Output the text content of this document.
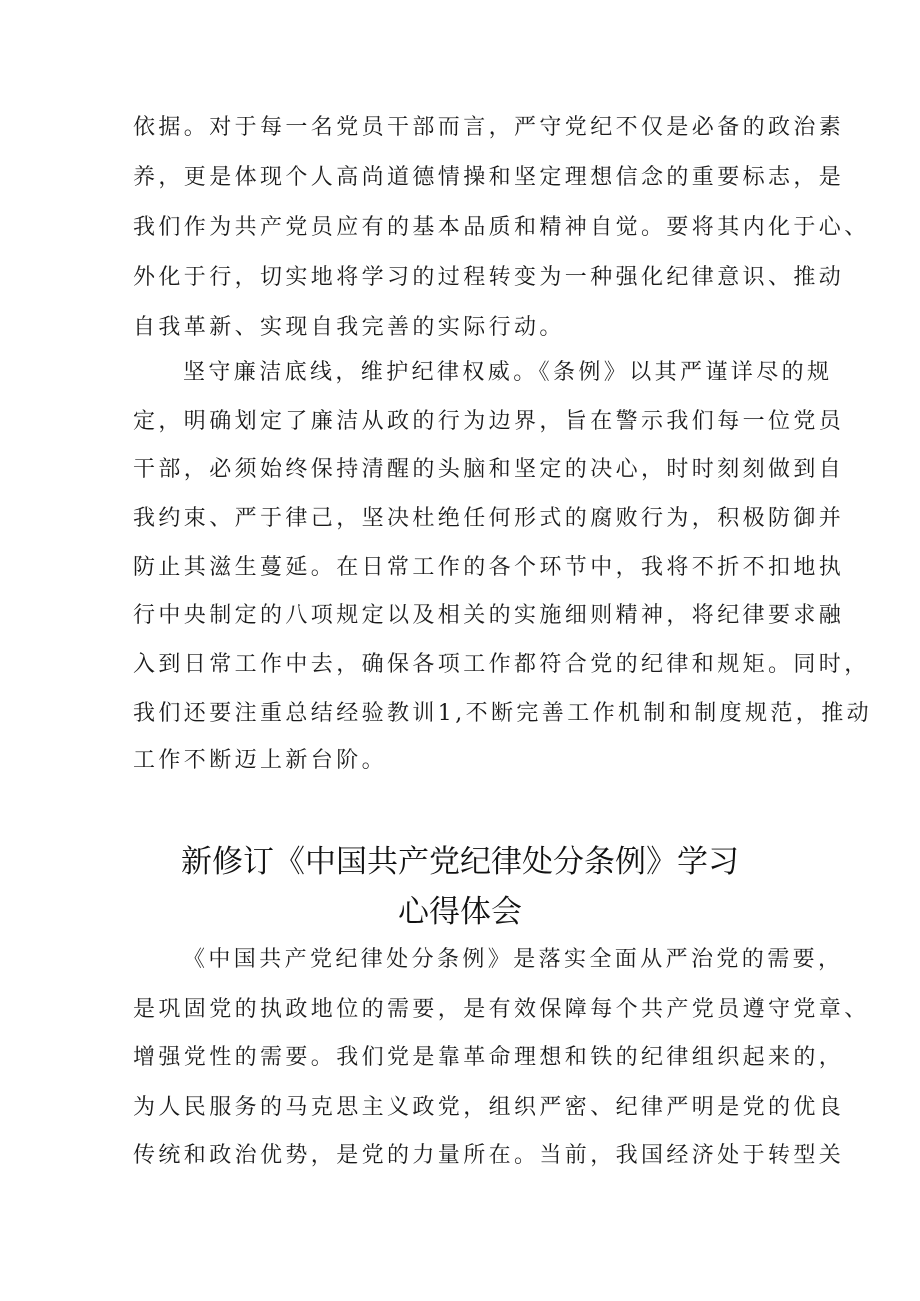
依据。对于每一名党员干部而言，严守党纪不仅是必备的政治素
养，更是体现个人高尚道德情操和坚定理想信念的重要标志，是
我们作为共产党员应有的基本品质和精神自觉。要将其内化于心、
外化于行，切实地将学习的过程转变为一种强化纪律意识、推动
自我革新、实现自我完善的实际行动。
坚守廉洁底线，维护纪律权威。《条例》以其严谨详尽的规
定，明确划定了廉洁从政的行为边界，旨在警示我们每一位党员
干部，必须始终保持清醒的头脑和坚定的决心，时时刻刻做到自
我约束、严于律己，坚决杜绝任何形式的腐败行为，积极防御并
防止其滋生蔓延。在日常工作的各个环节中，我将不折不扣地执
行中央制定的八项规定以及相关的实施细则精神，将纪律要求融
入到日常工作中去，确保各项工作都符合党的纪律和规矩。同时，
我们还要注重总结经验教训1,不断完善工作机制和制度规范，推动
工作不断迈上新台阶。
新修订《中国共产党纪律处分条例》学习
心得体会
《中国共产党纪律处分条例》是落实全面从严治党的需要，
是巩固党的执政地位的需要，是有效保障每个共产党员遵守党章、
增强党性的需要。我们党是靠革命理想和铁的纪律组织起来的，
为人民服务的马克思主义政党，组织严密、纪律严明是党的优良
传统和政治优势，是党的力量所在。当前，我国经济处于转型关
